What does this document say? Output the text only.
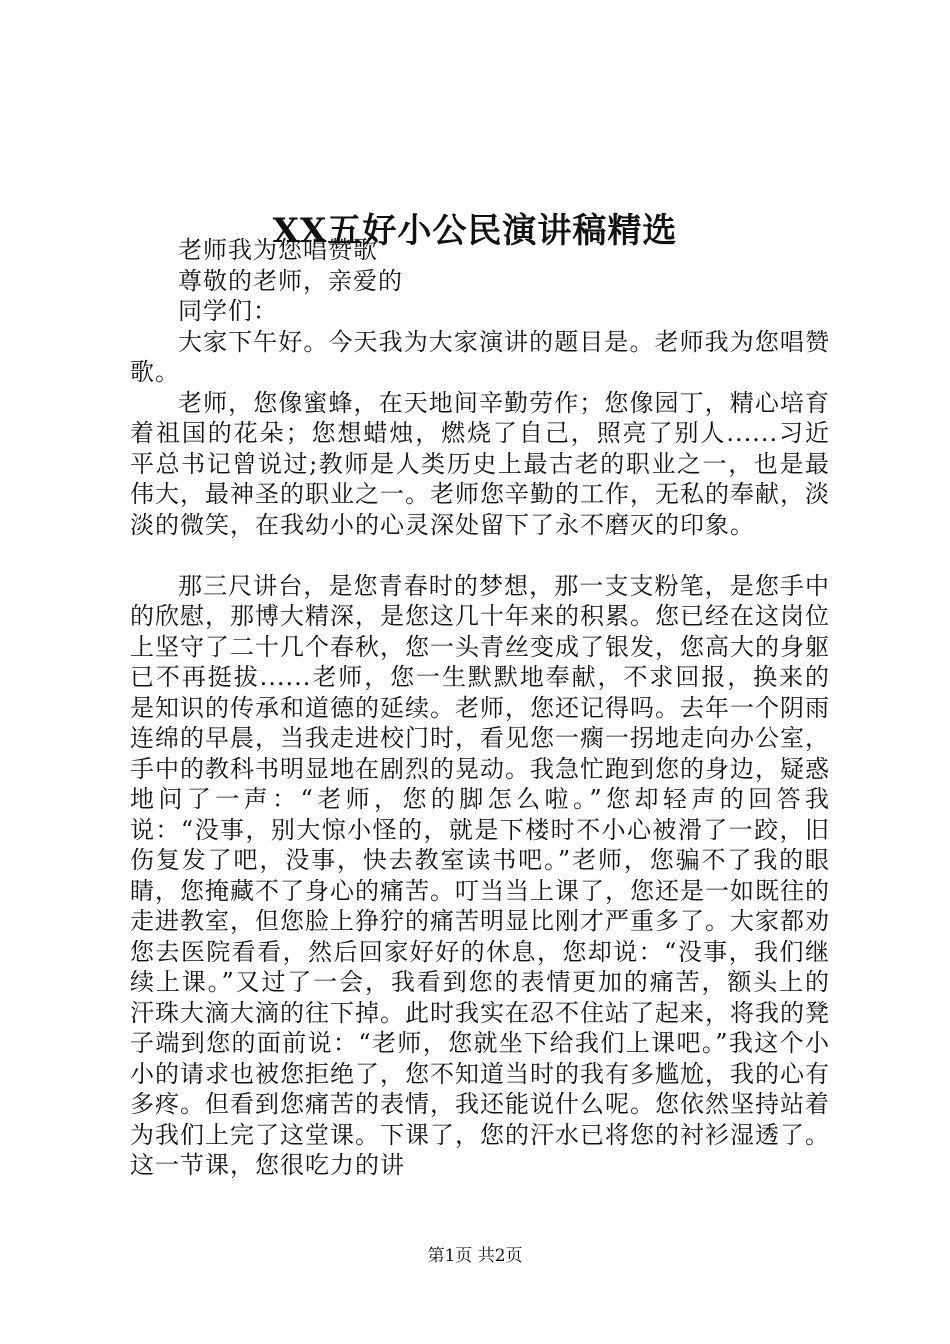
XX五好小公民演讲稿精选

老师我为您唱赞歌

尊敬的老师，亲爱的

同学们：

大家下午好。今天我为大家演讲的题目是。老师我为您唱赞歌。

老师，您像蜜蜂，在天地间辛勤劳作；您像园丁，精心培育着祖国的花朵；您想蜡烛，燃烧了自己，照亮了别人......习近平总书记曾说过;教师是人类历史上最古老的职业之一，也是最伟大，最神圣的职业之一。老师您辛勤的工作，无私的奉献，淡淡的微笑，在我幼小的心灵深处留下了永不磨灭的印象。

那三尺讲台，是您青春时的梦想，那一支支粉笔，是您手中的欣慰，那博大精深，是您这几十年来的积累。您已经在这岗位上坚守了二十几个春秋，您一头青丝变成了银发，您高大的身躯已不再挺拔......老师，您一生默默地奉献，不求回报，换来的是知识的传承和道德的延续。老师，您还记得吗。去年一个阴雨连绵的早晨，当我走进校门时，看见您一瘸一拐地走向办公室，手中的教科书明显地在剧烈的晃动。我急忙跑到您的身边，疑惑地问了一声：“老师，您的脚怎么啦。”您却轻声的回答我说：“没事，别大惊小怪的，就是下楼时不小心被滑了一跤，旧伤复发了吧，没事，快去教室读书吧。”老师，您骗不了我的眼睛，您掩藏不了身心的痛苦。叮当当上课了，您还是一如既往的走进教室，但您脸上狰狞的痛苦明显比刚才严重多了。大家都劝您去医院看看，然后回家好好的休息，您却说：“没事，我们继续上课。”又过了一会，我看到您的表情更加的痛苦，额头上的汗珠大滴大滴的往下掉。此时我实在忍不住站了起来，将我的凳子端到您的面前说：“老师，您就坐下给我们上课吧。”我这个小小的请求也被您拒绝了，您不知道当时的我有多尴尬，我的心有多疼。但看到您痛苦的表情，我还能说什么呢。您依然坚持站着为我们上完了这堂课。下课了，您的汗水已将您的衬衫湿透了。这一节课，您很吃力的讲

第1页 共2页
